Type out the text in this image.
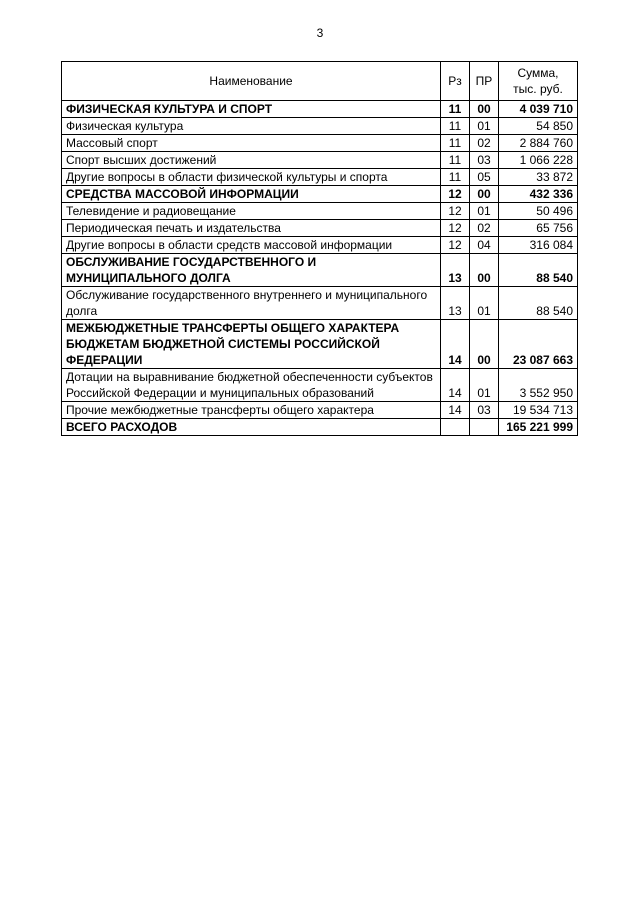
3
Наименование	Рз	ПР	Сумма,
тыс. руб.
ФИЗИЧЕСКАЯ КУЛЬТУРА И СПОРТ	11	00	4 039 710
Физическая культура	11	01	54 850
Массовый спорт	11	02	2 884 760
Спорт высших достижений	11	03	1 066 228
Другие вопросы в области физической культуры и спорта	11	05	33 872
СРЕДСТВА МАССОВОЙ ИНФОРМАЦИИ	12	00	432 336
Телевидение и радиовещание	12	01	50 496
Периодическая печать и издательства	12	02	65 756
Другие вопросы в области средств массовой информации	12	04	316 084
ОБСЛУЖИВАНИЕ ГОСУДАРСТВЕННОГО И МУНИЦИПАЛЬНОГО ДОЛГА	13	00	88 540
Обслуживание государственного внутреннего и муниципального долга	13	01	88 540
МЕЖБЮДЖЕТНЫЕ ТРАНСФЕРТЫ ОБЩЕГО ХАРАКТЕРА БЮДЖЕТАМ БЮДЖЕТНОЙ СИСТЕМЫ РОССИЙСКОЙ ФЕДЕРАЦИИ	14	00	23 087 663
Дотации на выравнивание бюджетной обеспеченности субъектов Российской Федерации и муниципальных образований	14	01	3 552 950
Прочие межбюджетные трансферты общего характера	14	03	19 534 713
ВСЕГО РАСХОДОВ			165 221 999
